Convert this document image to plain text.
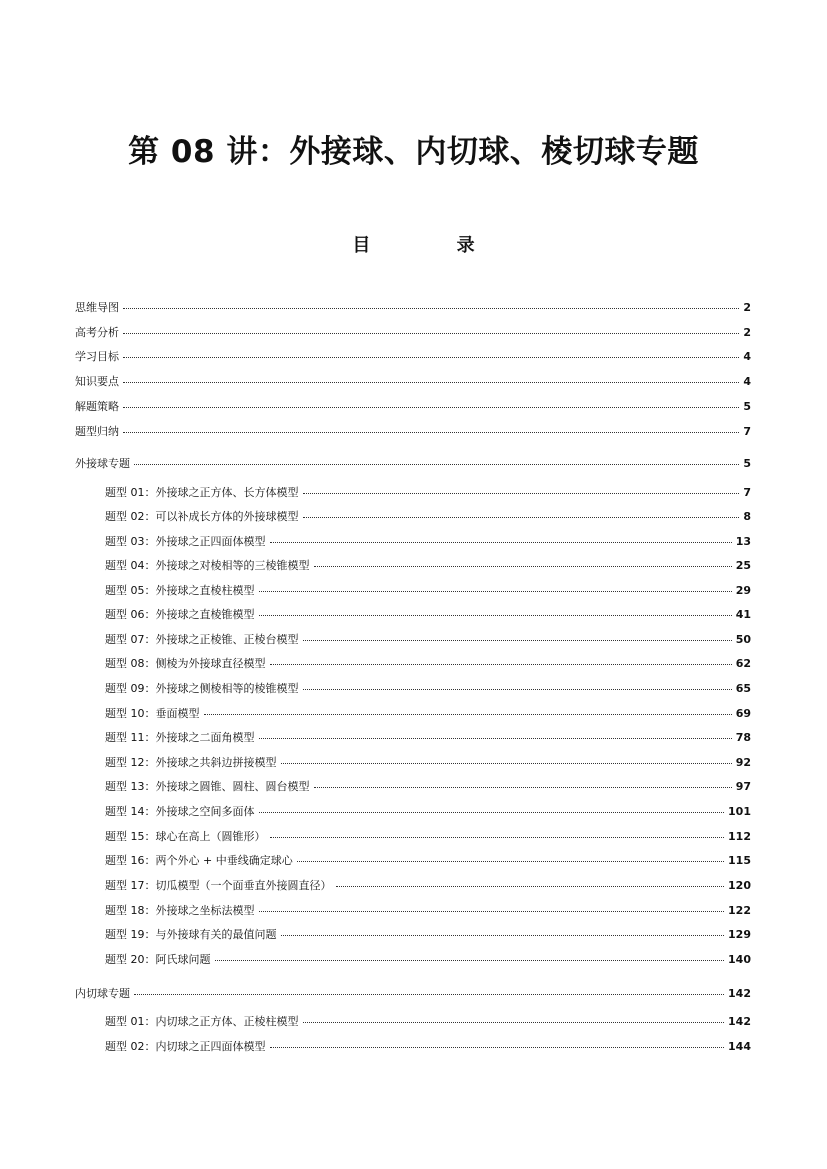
第 08 讲：外接球、内切球、棱切球专题
目 录
思维导图	2
高考分析	2
学习目标	4
知识要点	4
解题策略	5
题型归纳	7
外接球专题	5
题型 01：外接球之正方体、长方体模型	7
题型 02：可以补成长方体的外接球模型	8
题型 03：外接球之正四面体模型	13
题型 04：外接球之对棱相等的三棱锥模型	25
题型 05：外接球之直棱柱模型	29
题型 06：外接球之直棱锥模型	41
题型 07：外接球之正棱锥、正棱台模型	50
题型 08：侧棱为外接球直径模型	62
题型 09：外接球之侧棱相等的棱锥模型	65
题型 10：垂面模型	69
题型 11：外接球之二面角模型	78
题型 12：外接球之共斜边拼接模型	92
题型 13：外接球之圆锥、圆柱、圆台模型	97
题型 14：外接球之空间多面体	101
题型 15：球心在高上（圆锥形）	112
题型 16：两个外心 + 中垂线确定球心	115
题型 17：切瓜模型（一个面垂直外接圆直径）	120
题型 18：外接球之坐标法模型	122
题型 19：与外接球有关的最值问题	129
题型 20：阿氏球问题	140
内切球专题	142
题型 01：内切球之正方体、正棱柱模型	142
题型 02：内切球之正四面体模型	144
